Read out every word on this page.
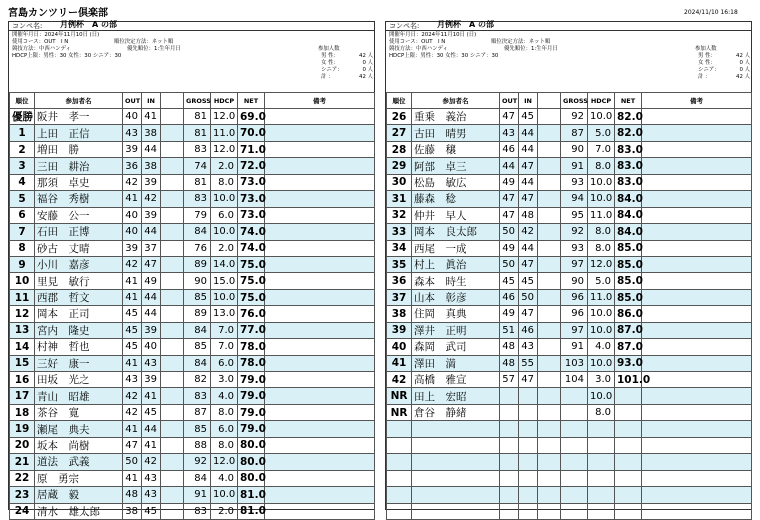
宮島カンツリー倶楽部	2024/11/10 16:18
コンペ名: 月例杯　A の部
開催年月日：2024年11月10日 (日)
使用コース：OUT　I N	順位決定方法：ネット順
競技方法：中西ハンディ	優先順位：1:生年月日
HDCP上限：男性：30 女性：30 シニア：30
参加人数
男 性：	42 人
女 性：	0 人
シニア：	0 人
計 ：	42 人
順位	参加者名	OUT	IN		GROSS	HDCP	NET	備考
優勝	阪井　孝一	40	41		81	12.0	69.0	
1	上田　正信	43	38		81	11.0	70.0	
2	増田　勝	39	44		83	12.0	71.0	
3	三田　耕治	36	38		74	2.0	72.0	
4	那須　卓史	42	39		81	8.0	73.0	
5	福谷　秀樹	41	42		83	10.0	73.0	
6	安藤　公一	40	39		79	6.0	73.0	
7	石田　正博	40	44		84	10.0	74.0	
8	砂古　丈晴	39	37		76	2.0	74.0	
9	小川　嘉彦	42	47		89	14.0	75.0	
10	里見　敏行	41	49		90	15.0	75.0	
11	西郡　哲文	41	44		85	10.0	75.0	
12	岡本　正司	45	44		89	13.0	76.0	
13	宮内　隆史	45	39		84	7.0	77.0	
14	村神　哲也	45	40		85	7.0	78.0	
15	三好　康一	41	43		84	6.0	78.0	
16	田坂　光之	43	39		82	3.0	79.0	
17	青山　昭雄	42	41		83	4.0	79.0	
18	茶谷　寛	42	45		87	8.0	79.0	
19	瀬尾　典夫	41	44		85	6.0	79.0	
20	坂本　尚樹	47	41		88	8.0	80.0	
21	道法　武義	50	42		92	12.0	80.0	
22	原　勇宗	41	43		84	4.0	80.0	
23	居蔵　毅	48	43		91	10.0	81.0	
24	清水　雄太郎	38	45		83	2.0	81.0	
コンペ名: 月例杯　A の部
開催年月日：2024年11月10日 (日)
使用コース：OUT　I N	順位決定方法：ネット順
競技方法：中西ハンディ	優先順位：1:生年月日
HDCP上限：男性：30 女性：30 シニア：30
参加人数
男 性：	42 人
女 性：	0 人
シニア：	0 人
計 ：	42 人
順位	参加者名	OUT	IN		GROSS	HDCP	NET	備考
26	重乗　義治	47	45		92	10.0	82.0	
27	古田　晴男	43	44		87	5.0	82.0	
28	佐藤　穣	46	44		90	7.0	83.0	
29	阿部　卓三	44	47		91	8.0	83.0	
30	松島　敏広	49	44		93	10.0	83.0	
31	藤森　稔	47	47		94	10.0	84.0	
32	仲井　早人	47	48		95	11.0	84.0	
33	岡本　良太郎	50	42		92	8.0	84.0	
34	西尾　一成	49	44		93	8.0	85.0	
35	村上　眞治	50	47		97	12.0	85.0	
36	森本　時生	45	45		90	5.0	85.0	
37	山本　彰彦	46	50		96	11.0	85.0	
38	住岡　真典	49	47		96	10.0	86.0	
39	澤井　正明	51	46		97	10.0	87.0	
40	森岡　武司	48	43		91	4.0	87.0	
41	澤田　満	48	55		103	10.0	93.0	
42	高橋　雅宣	57	47		104	3.0	101.0	
NR	田上　宏昭					10.0		
NR	倉谷　静緒					8.0		
